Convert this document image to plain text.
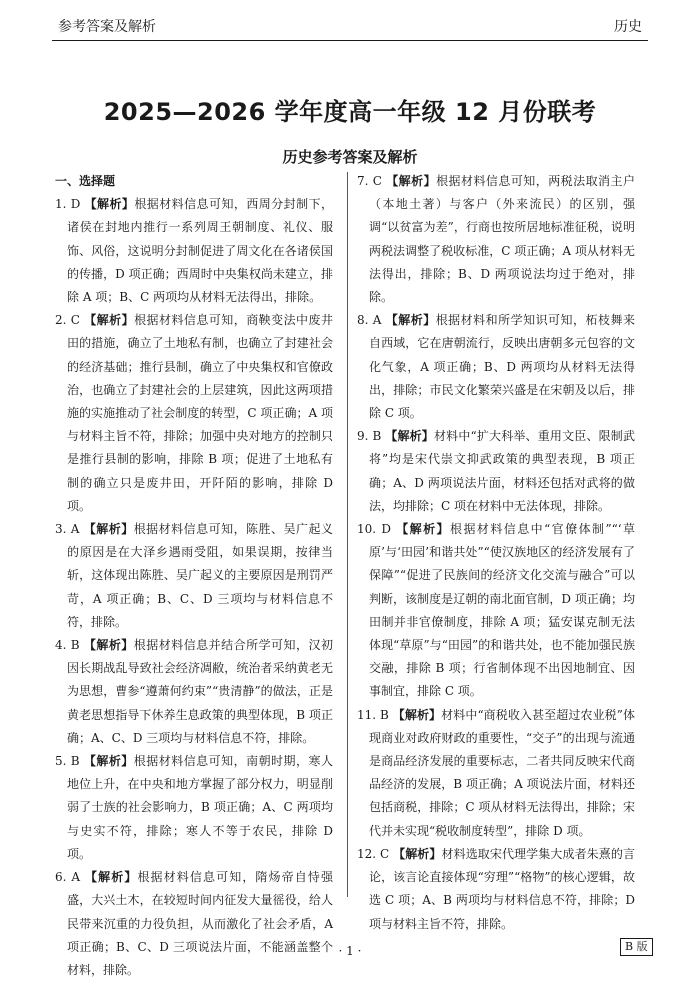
参考答案及解析	历史
2025—2026 学年度高一年级 12 月份联考
历史参考答案及解析
一、选择题

1. D 【解析】根据材料信息可知，西周分封制下，诸侯在封地内推行一系列周王朝制度、礼仪、服饰、风俗，这说明分封制促进了周文化在各诸侯国的传播，D 项正确；西周时中央集权尚未建立，排除 A 项；B、C 两项均从材料无法得出，排除。

2. C 【解析】根据材料信息可知，商鞅变法中废井田的措施，确立了土地私有制，也确立了封建社会的经济基础；推行县制，确立了中央集权和官僚政治，也确立了封建社会的上层建筑，因此这两项措施的实施推动了社会制度的转型，C 项正确；A 项与材料主旨不符，排除；加强中央对地方的控制只是推行县制的影响，排除 B 项；促进了土地私有制的确立只是废井田，开阡陌的影响，排除 D 项。

3. A 【解析】根据材料信息可知，陈胜、吴广起义的原因是在大泽乡遇雨受阻，如果误期，按律当斩，这体现出陈胜、吴广起义的主要原因是刑罚严苛，A 项正确；B、C、D 三项均与材料信息不符，排除。

4. B 【解析】根据材料信息并结合所学可知，汉初因长期战乱导致社会经济凋敝，统治者采纳黄老无为思想，曹参“遵萧何约束”“贵清静”的做法，正是黄老思想指导下休养生息政策的典型体现，B 项正确；A、C、D 三项均与材料信息不符，排除。

5. B 【解析】根据材料信息可知，南朝时期，寒人地位上升，在中央和地方掌握了部分权力，明显削弱了士族的社会影响力，B 项正确；A、C 两项均与史实不符，排除；寒人不等于农民，排除 D 项。

6. A 【解析】根据材料信息可知，隋炀帝自恃强盛，大兴土木，在较短时间内征发大量徭役，给人民带来沉重的力役负担，从而激化了社会矛盾，A 项正确；B、C、D 三项说法片面，不能涵盖整个材料，排除。

7. C 【解析】根据材料信息可知，两税法取消主户（本地土著）与客户（外来流民）的区别，强调“以贫富为差”，行商也按所居地标准征税，说明两税法调整了税收标准，C 项正确；A 项从材料无法得出，排除；B、D 两项说法均过于绝对，排除。

8. A 【解析】根据材料和所学知识可知，柘枝舞来自西域，它在唐朝流行，反映出唐朝多元包容的文化气象，A 项正确；B、D 两项均从材料无法得出，排除；市民文化繁荣兴盛是在宋朝及以后，排除 C 项。

9. B 【解析】材料中“扩大科举、重用文臣、限制武将”均是宋代崇文抑武政策的典型表现，B 项正确；A、D 两项说法片面，材料还包括对武将的做法，均排除；C 项在材料中无法体现，排除。

10. D 【解析】根据材料信息中“官僚体制”“‘草原’与‘田园’和谐共处”“使汉族地区的经济发展有了保障”“促进了民族间的经济文化交流与融合”可以判断，该制度是辽朝的南北面官制，D 项正确；均田制并非官僚制度，排除 A 项；猛安谋克制无法体现“草原”与“田园”的和谐共处，也不能加强民族交融，排除 B 项；行省制体现不出因地制宜、因事制宜，排除 C 项。

11. B 【解析】材料中“商税收入甚至超过农业税”体现商业对政府财政的重要性，“交子”的出现与流通是商品经济发展的重要标志，二者共同反映宋代商品经济的发展，B 项正确；A 项说法片面，材料还包括商税，排除；C 项从材料无法得出，排除；宋代并未实现“税收制度转型”，排除 D 项。

12. C 【解析】材料选取宋代理学集大成者朱熹的言论，该言论直接体现“穷理”“格物”的核心逻辑，故选 C 项；A、B 两项均与材料信息不符，排除；D 项与材料主旨不符，排除。

· 1 ·	B 版
